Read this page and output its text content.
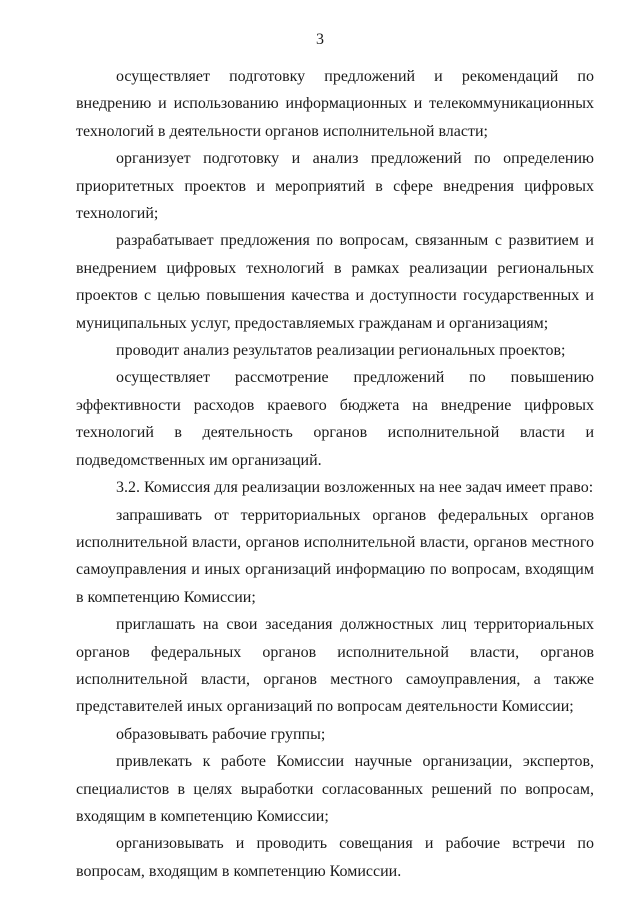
3

осуществляет подготовку предложений и рекомендаций по внедрению и использованию информационных и телекоммуникационных технологий в деятельности органов исполнительной власти;

организует подготовку и анализ предложений по определению приоритетных проектов и мероприятий в сфере внедрения цифровых технологий;

разрабатывает предложения по вопросам, связанным с развитием и внедрением цифровых технологий в рамках реализации региональных проектов с целью повышения качества и доступности государственных и муниципальных услуг, предоставляемых гражданам и организациям;

проводит анализ результатов реализации региональных проектов;

осуществляет рассмотрение предложений по повышению эффективности расходов краевого бюджета на внедрение цифровых технологий в деятельность органов исполнительной власти и подведомственных им организаций.

3.2. Комиссия для реализации возложенных на нее задач имеет право:

запрашивать от территориальных органов федеральных органов исполнительной власти, органов исполнительной власти, органов местного самоуправления и иных организаций информацию по вопросам, входящим в компетенцию Комиссии;

приглашать на свои заседания должностных лиц территориальных органов федеральных органов исполнительной власти, органов исполнительной власти, органов местного самоуправления, а также представителей иных организаций по вопросам деятельности Комиссии;

образовывать рабочие группы;

привлекать к работе Комиссии научные организации, экспертов, специалистов в целях выработки согласованных решений по вопросам, входящим в компетенцию Комиссии;

организовывать и проводить совещания и рабочие встречи по вопросам, входящим в компетенцию Комиссии.
